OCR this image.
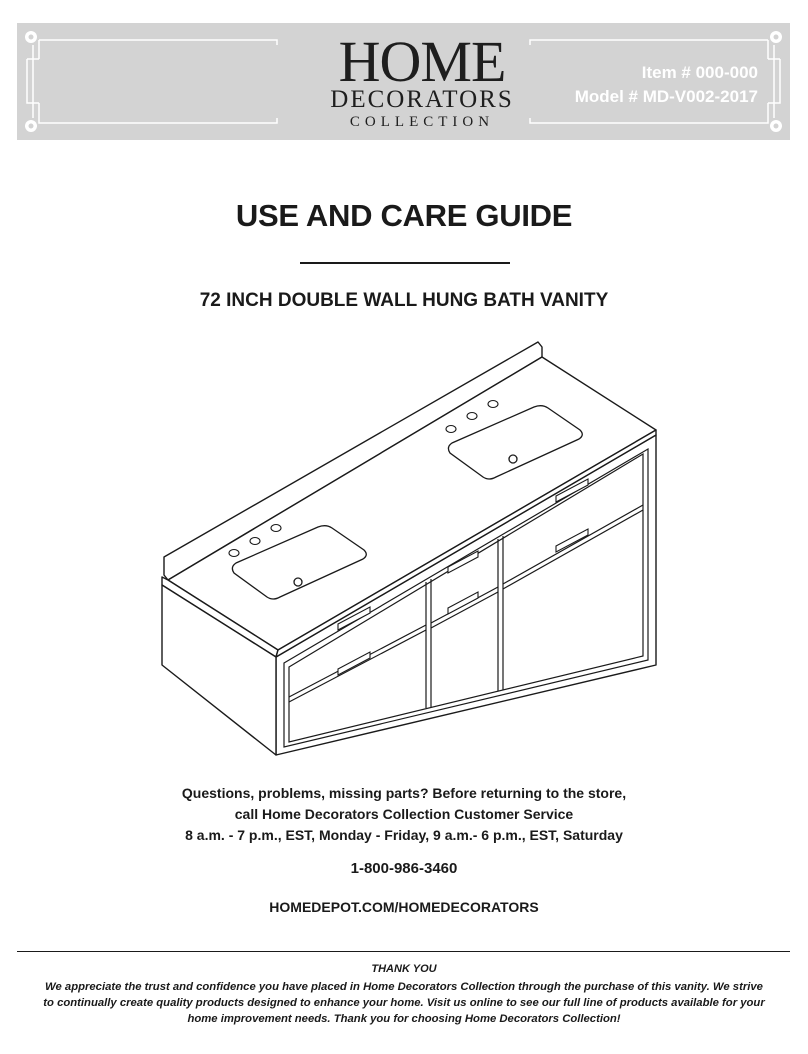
HOME
DECORATORS
COLLECTION
Item # 000-000
Model # MD-V002-2017
USE AND CARE GUIDE
72 INCH DOUBLE WALL HUNG BATH VANITY
Questions, problems, missing parts? Before returning to the store,
call Home Decorators Collection Customer Service
8 a.m. - 7 p.m., EST, Monday - Friday, 9 a.m.- 6 p.m., EST, Saturday
1-800-986-3460
HOMEDEPOT.COM/HOMEDECORATORS
THANK YOU
We appreciate the trust and confidence you have placed in Home Decorators Collection through the purchase of this vanity. We strive to continually create quality products designed to enhance your home. Visit us online to see our full line of products available for your home improvement needs. Thank you for choosing Home Decorators Collection!
